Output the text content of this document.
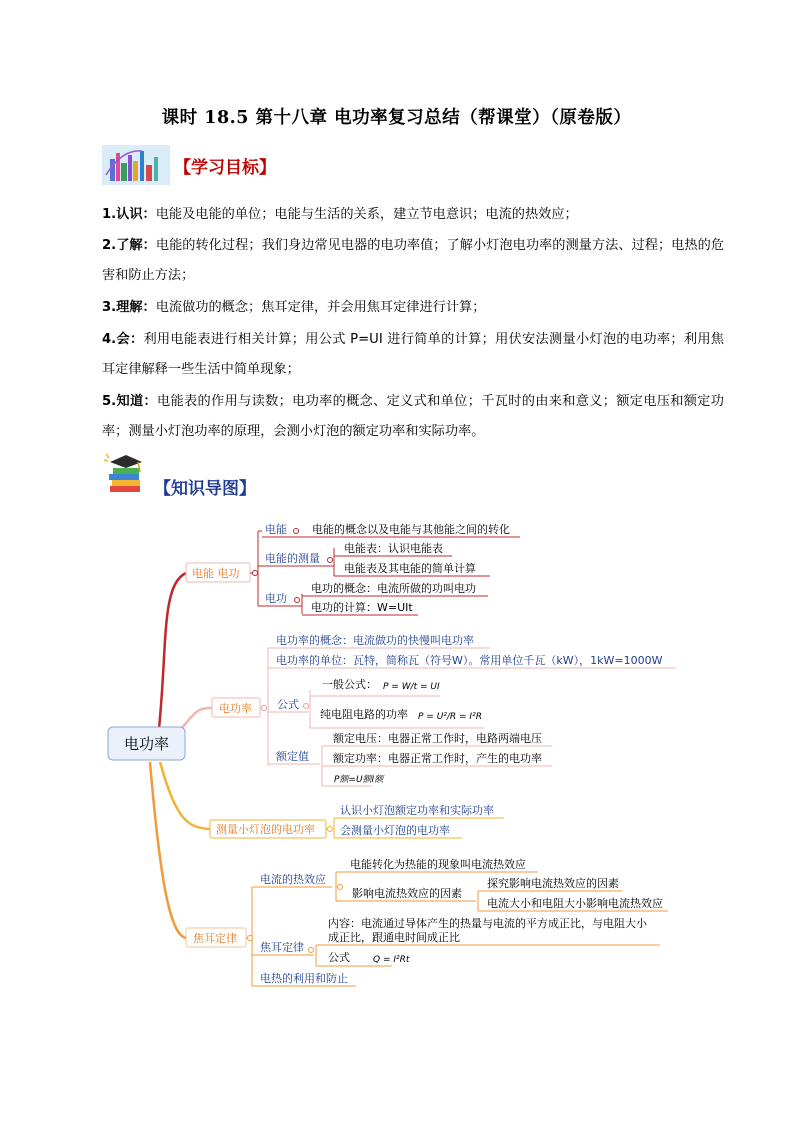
课时 18.5 第十八章 电功率复习总结（帮课堂）（原卷版）
【学习目标】
1.认识：电能及电能的单位；电能与生活的关系，建立节电意识；电流的热效应；
2.了解：电能的转化过程；我们身边常见电器的电功率值；了解小灯泡电功率的测量方法、过程；电热的危害和防止方法；
3.理解：电流做功的概念；焦耳定律，并会用焦耳定律进行计算；
4.会：利用电能表进行相关计算；用公式 P=UI 进行简单的计算；用伏安法测量小灯泡的电功率；利用焦耳定律解释一些生活中简单现象；
5.知道：电能表的作用与读数；电功率的概念、定义式和单位；千瓦时的由来和意义；额定电压和额定功率；测量小灯泡功率的原理，会测小灯泡的额定功率和实际功率。
【知识导图】
电功率
电能 电功
电能 电能的概念以及电能与其他能之间的转化
电能的测量
电能表：认识电能表
电能表及其电能的简单计算
电功
电功的概念：电流所做的功叫电功
电功的计算：W=UIt
电功率
电功率的概念：电流做功的快慢叫电功率
电功率的单位：瓦特，简称瓦（符号W）。常用单位千瓦（kW），1kW=1000W
公式
一般公式： P = W/t = UI
纯电阻电路的功率 P = U²/R = I²R
额定值
额定电压：电器正常工作时，电路两端电压
额定功率：电器正常工作时，产生的电功率
P额=U额I额
测量小灯泡的电功率
认识小灯泡额定功率和实际功率
会测量小灯泡的电功率
焦耳定律
电流的热效应
电能转化为热能的现象叫电流热效应
影响电流热效应的因素
探究影响电流热效应的因素
电流大小和电阻大小影响电流热效应
焦耳定律
内容：电流通过导体产生的热量与电流的平方成正比，与电阻大小
成正比，跟通电时间成正比
公式	Q = I²Rt
电热的利用和防止
